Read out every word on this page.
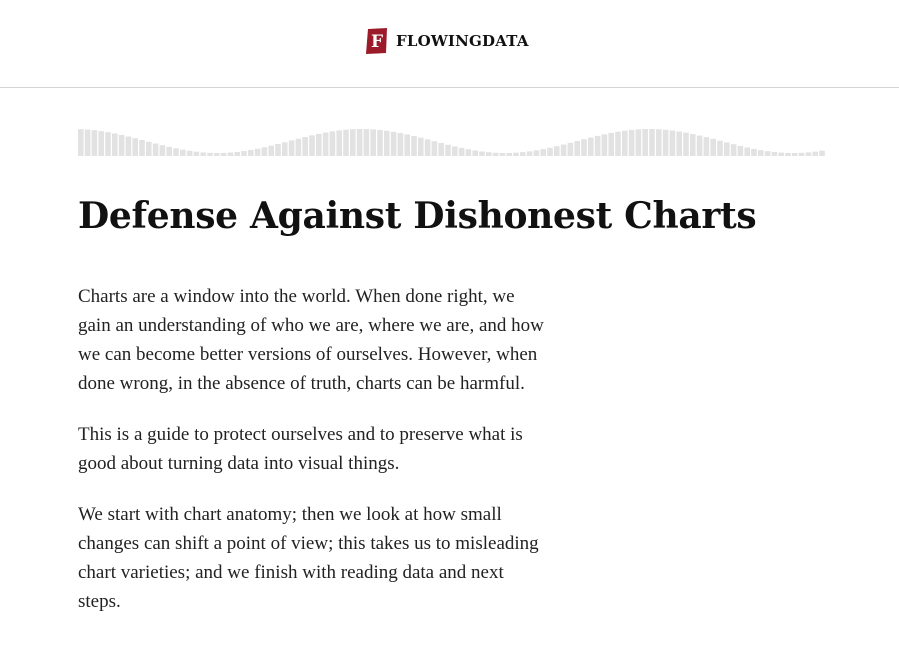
F FLOWINGDATA
Defense Against Dishonest Charts

Charts are a window into the world. When done right, we gain an understanding of who we are, where we are, and how we can become better versions of ourselves. However, when done wrong, in the absence of truth, charts can be harmful.

This is a guide to protect ourselves and to preserve what is good about turning data into visual things.

We start with chart anatomy; then we look at how small changes can shift a point of view; this takes us to misleading chart varieties; and we finish with reading data and next steps.
